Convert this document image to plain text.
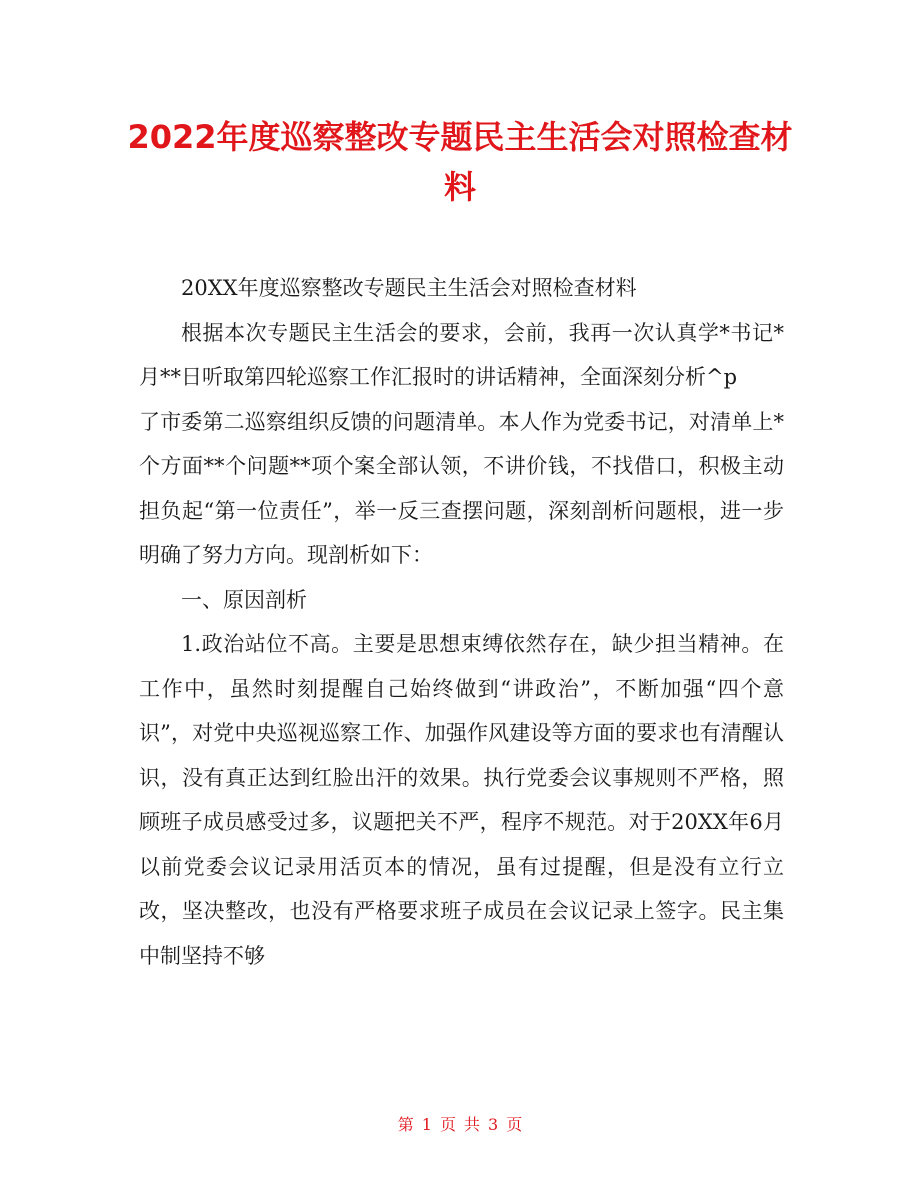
2022年度巡察整改专题民主生活会对照检查材料

20XX年度巡察整改专题民主生活会对照检查材料

根据本次专题民主生活会的要求，会前，我再一次认真学*书记*月**日听取第四轮巡察工作汇报时的讲话精神，全面深刻分析^p

了市委第二巡察组织反馈的问题清单。本人作为党委书记，对清单上*个方面**个问题**项个案全部认领，不讲价钱，不找借口，积极主动担负起“第一位责任”，举一反三查摆问题，深刻剖析问题根，进一步明确了努力方向。现剖析如下：

一、原因剖析

1.政治站位不高。主要是思想束缚依然存在，缺少担当精神。在工作中，虽然时刻提醒自己始终做到“讲政治”，不断加强“四个意识”，对党中央巡视巡察工作、加强作风建设等方面的要求也有清醒认识，没有真正达到红脸出汗的效果。执行党委会议事规则不严格，照顾班子成员感受过多，议题把关不严，程序不规范。对于20XX年6月以前党委会议记录用活页本的情况，虽有过提醒，但是没有立行立改，坚决整改，也没有严格要求班子成员在会议记录上签字。民主集中制坚持不够

第 1 页 共 3 页
